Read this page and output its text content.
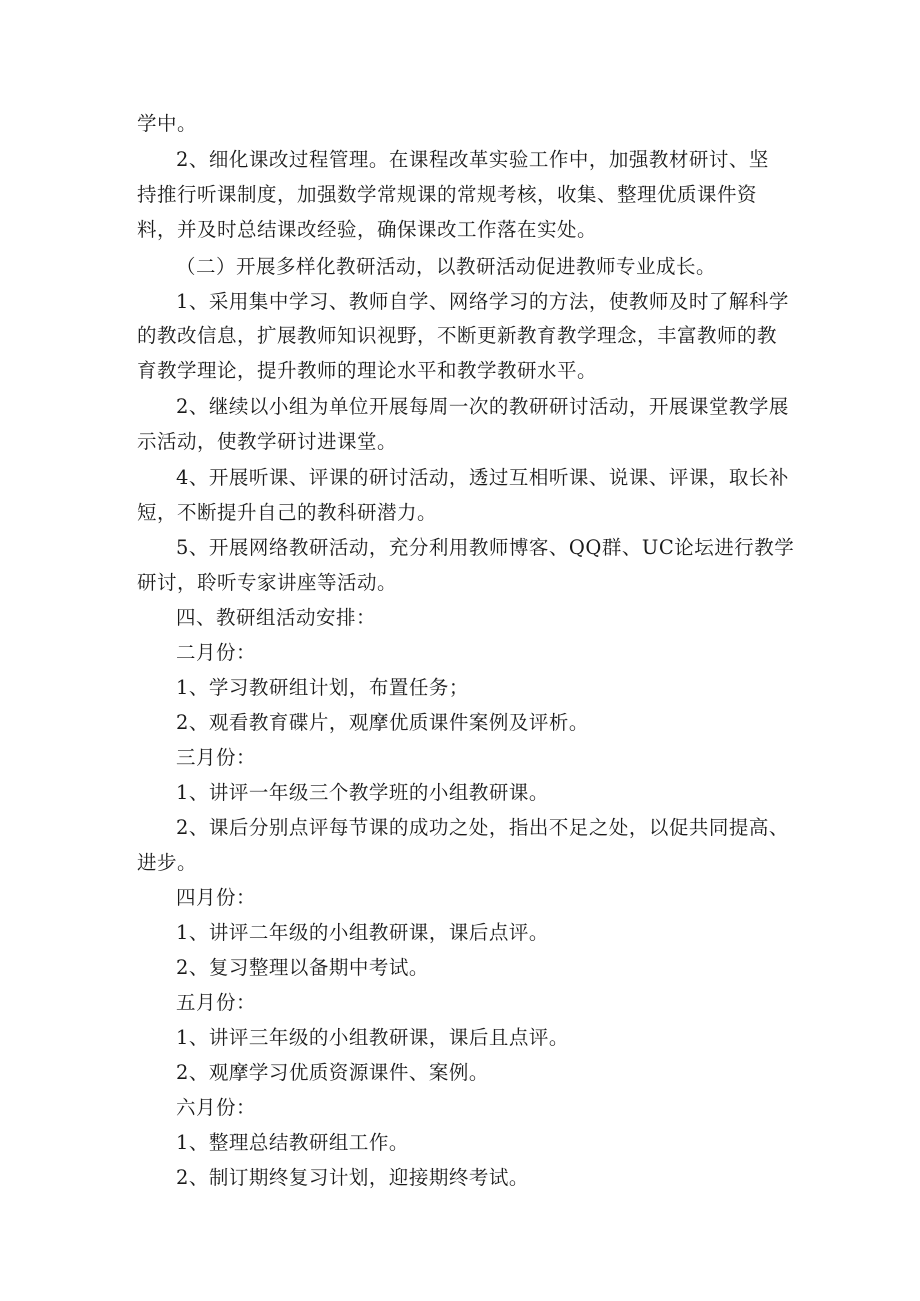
学中。
2、细化课改过程管理。在课程改革实验工作中，加强教材研讨、坚
持推行听课制度，加强数学常规课的常规考核，收集、整理优质课件资
料，并及时总结课改经验，确保课改工作落在实处。
（二）开展多样化教研活动，以教研活动促进教师专业成长。
1、采用集中学习、教师自学、网络学习的方法，使教师及时了解科学
的教改信息，扩展教师知识视野，不断更新教育教学理念，丰富教师的教
育教学理论，提升教师的理论水平和教学教研水平。
2、继续以小组为单位开展每周一次的教研研讨活动，开展课堂教学展
示活动，使教学研讨进课堂。
4、开展听课、评课的研讨活动，透过互相听课、说课、评课，取长补
短，不断提升自己的教科研潜力。
5、开展网络教研活动，充分利用教师博客、QQ群、UC论坛进行教学
研讨，聆听专家讲座等活动。
四、教研组活动安排：
二月份：
1、学习教研组计划，布置任务；
2、观看教育碟片，观摩优质课件案例及评析。
三月份：
1、讲评一年级三个教学班的小组教研课。
2、课后分别点评每节课的成功之处，指出不足之处，以促共同提高、
进步。
四月份：
1、讲评二年级的小组教研课，课后点评。
2、复习整理以备期中考试。
五月份：
1、讲评三年级的小组教研课，课后且点评。
2、观摩学习优质资源课件、案例。
六月份：
1、整理总结教研组工作。
2、制订期终复习计划，迎接期终考试。
